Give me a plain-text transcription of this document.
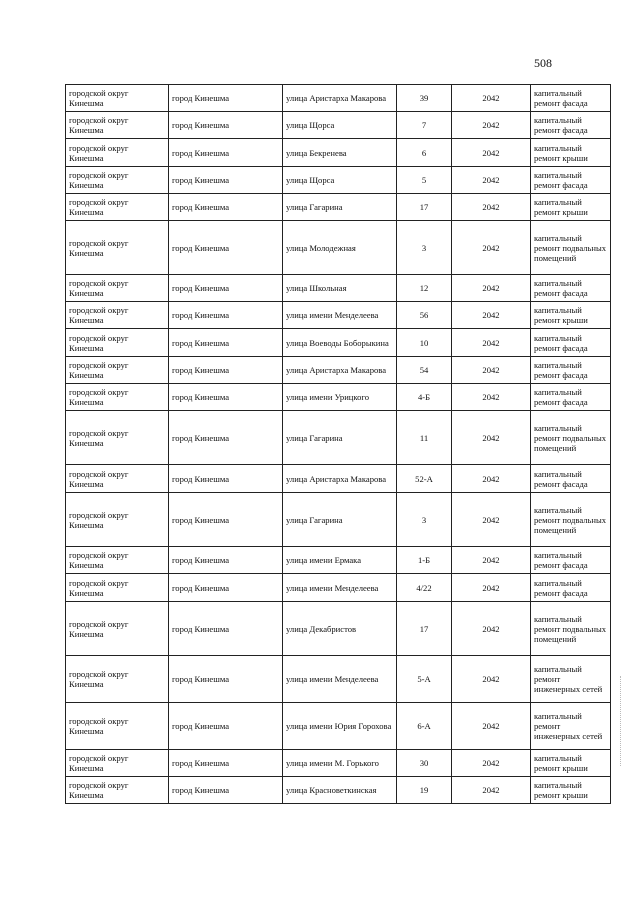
508
городской округ Кинешма	город Кинешма	улица Аристарха Макарова	39	2042	капитальный ремонт фасада
городской округ Кинешма	город Кинешма	улица Щорса	7	2042	капитальный ремонт фасада
городской округ Кинешма	город Кинешма	улица Бекренева	6	2042	капитальный ремонт крыши
городской округ Кинешма	город Кинешма	улица Щорса	5	2042	капитальный ремонт фасада
городской округ Кинешма	город Кинешма	улица Гагарина	17	2042	капитальный ремонт крыши
городской округ Кинешма	город Кинешма	улица Молодежная	3	2042	капитальный ремонт подвальных помещений
городской округ Кинешма	город Кинешма	улица Школьная	12	2042	капитальный ремонт фасада
городской округ Кинешма	город Кинешма	улица имени Менделеева	56	2042	капитальный ремонт крыши
городской округ Кинешма	город Кинешма	улица Воеводы Боборыкина	10	2042	капитальный ремонт фасада
городской округ Кинешма	город Кинешма	улица Аристарха Макарова	54	2042	капитальный ремонт фасада
городской округ Кинешма	город Кинешма	улица имени Урицкого	4-Б	2042	капитальный ремонт фасада
городской округ Кинешма	город Кинешма	улица Гагарина	11	2042	капитальный ремонт подвальных помещений
городской округ Кинешма	город Кинешма	улица Аристарха Макарова	52-А	2042	капитальный ремонт фасада
городской округ Кинешма	город Кинешма	улица Гагарина	3	2042	капитальный ремонт подвальных помещений
городской округ Кинешма	город Кинешма	улица имени Ермака	1-Б	2042	капитальный ремонт фасада
городской округ Кинешма	город Кинешма	улица имени Менделеева	4/22	2042	капитальный ремонт фасада
городской округ Кинешма	город Кинешма	улица Декабристов	17	2042	капитальный ремонт подвальных помещений
городской округ Кинешма	город Кинешма	улица имени Менделеева	5-А	2042	капитальный ремонт инженерных сетей
городской округ Кинешма	город Кинешма	улица имени Юрия Горохова	6-А	2042	капитальный ремонт инженерных сетей
городской округ Кинешма	город Кинешма	улица имени М. Горького	30	2042	капитальный ремонт крыши
городской округ Кинешма	город Кинешма	улица Красноветкинская	19	2042	капитальный ремонт крыши
